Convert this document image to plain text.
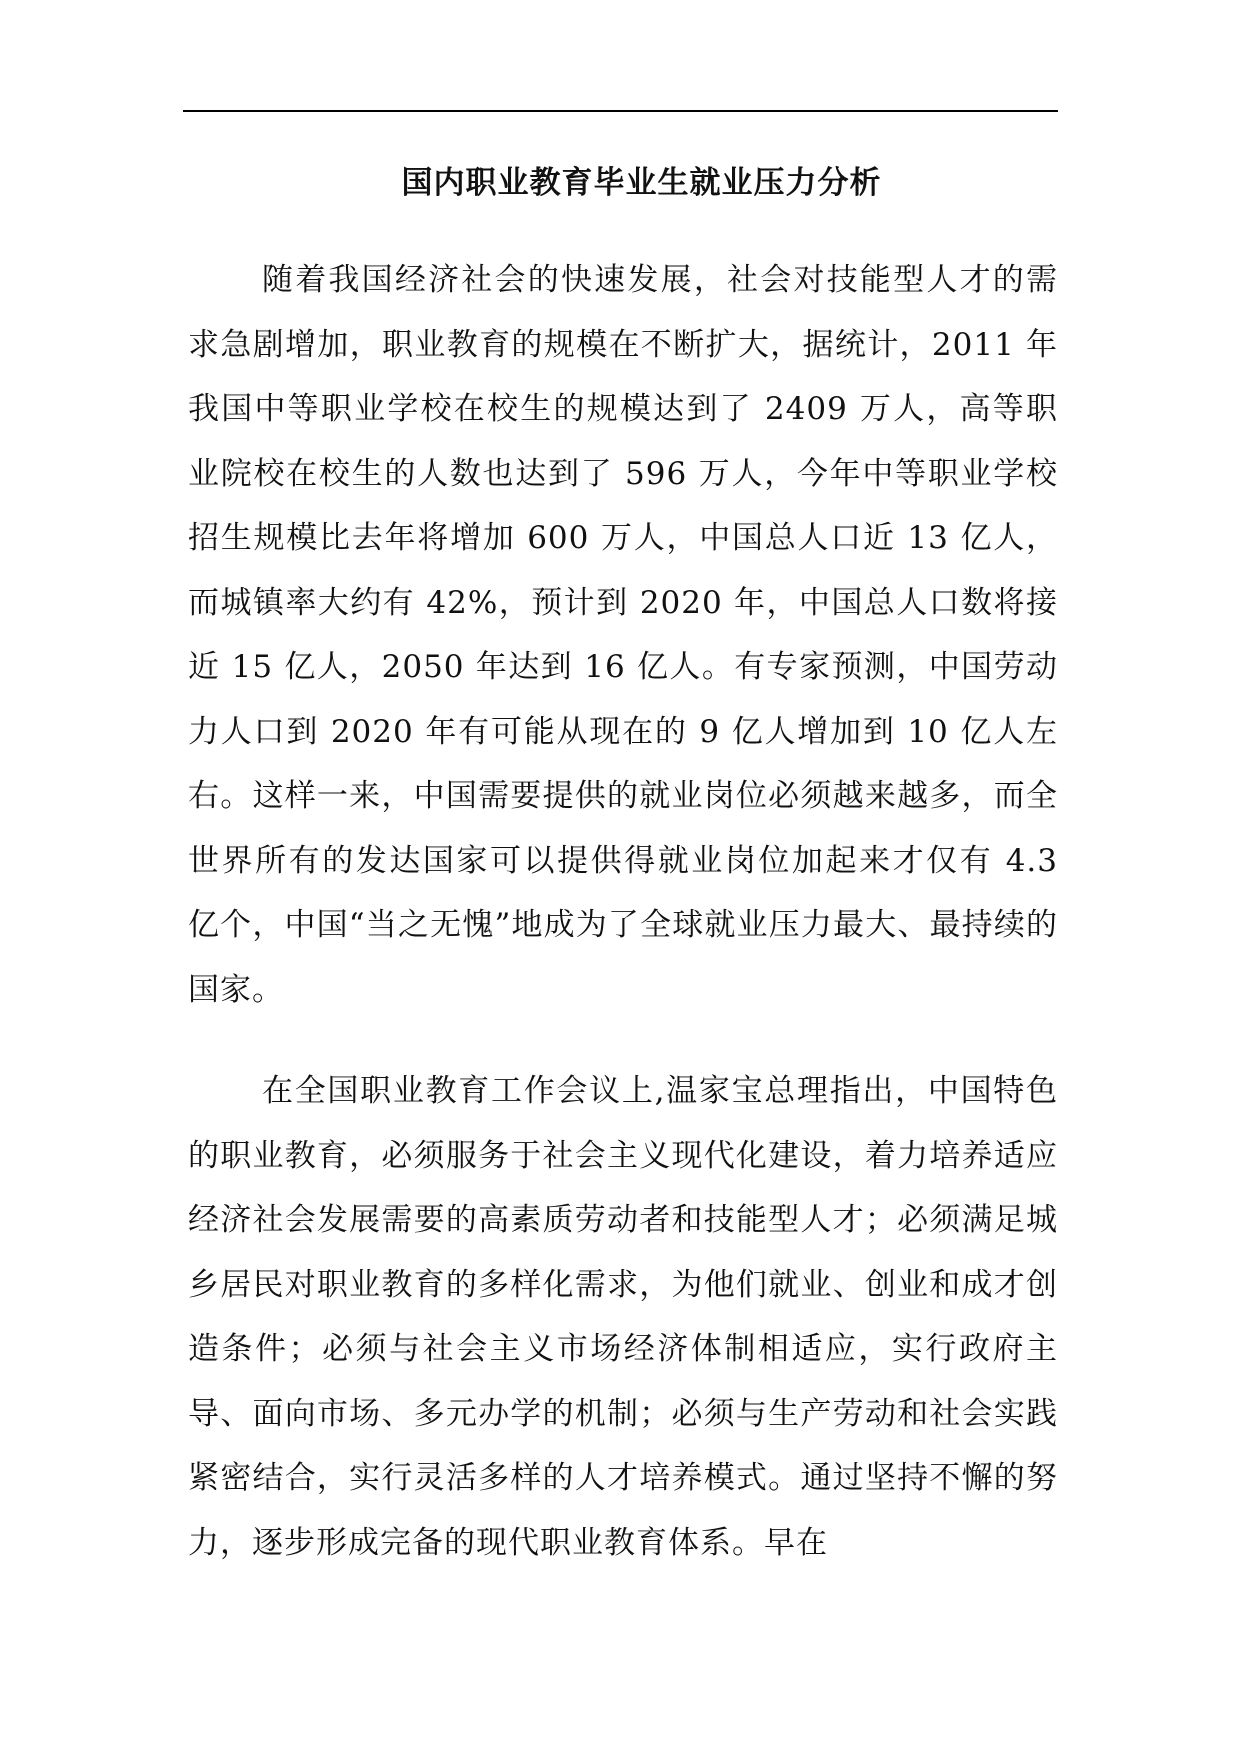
国内职业教育毕业生就业压力分析

随着我国经济社会的快速发展，社会对技能型人才的需求急剧增加，职业教育的规模在不断扩大，据统计，2011 年我国中等职业学校在校生的规模达到了 2409 万人，高等职业院校在校生的人数也达到了 596 万人，今年中等职业学校招生规模比去年将增加 600 万人，中国总人口近 13 亿人，而城镇率大约有 42%，预计到 2020 年，中国总人口数将接近 15 亿人，2050 年达到 16 亿人。有专家预测，中国劳动力人口到 2020 年有可能从现在的 9 亿人增加到 10 亿人左右。这样一来，中国需要提供的就业岗位必须越来越多，而全世界所有的发达国家可以提供得就业岗位加起来才仅有 4.3 亿个，中国“当之无愧”地成为了全球就业压力最大、最持续的国家。

在全国职业教育工作会议上,温家宝总理指出，中国特色的职业教育，必须服务于社会主义现代化建设，着力培养适应经济社会发展需要的高素质劳动者和技能型人才；必须满足城乡居民对职业教育的多样化需求，为他们就业、创业和成才创造条件；必须与社会主义市场经济体制相适应，实行政府主导、面向市场、多元办学的机制；必须与生产劳动和社会实践紧密结合，实行灵活多样的人才培养模式。通过坚持不懈的努力，逐步形成完备的现代职业教育体系。早在
